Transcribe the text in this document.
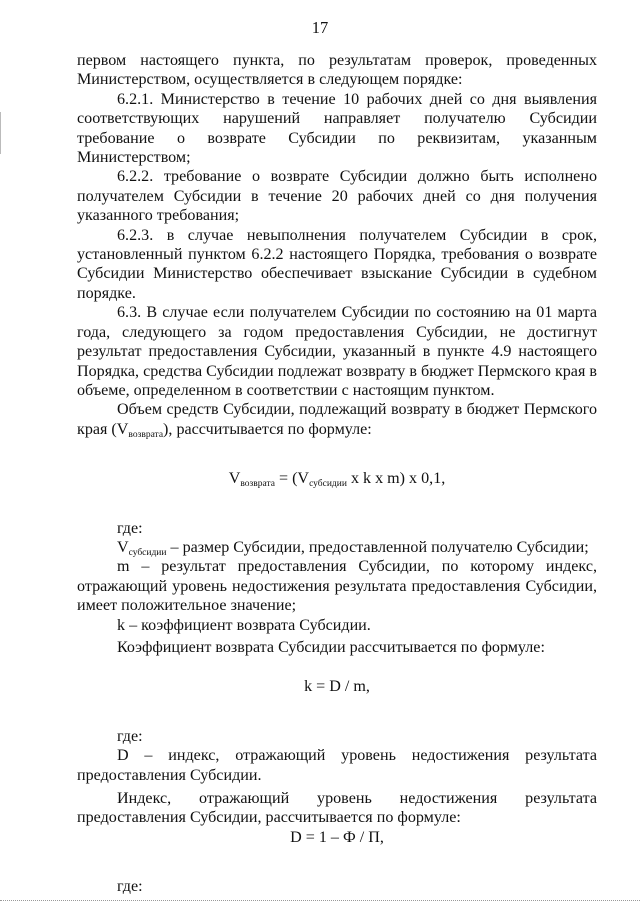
17

первом настоящего пункта, по результатам проверок, проведенных Министерством, осуществляется в следующем порядке:

6.2.1. Министерство в течение 10 рабочих дней со дня выявления соответствующих нарушений направляет получателю Субсидии требование о возврате Субсидии по реквизитам, указанным Министерством;

6.2.2. требование о возврате Субсидии должно быть исполнено получателем Субсидии в течение 20 рабочих дней со дня получения указанного требования;

6.2.3. в случае невыполнения получателем Субсидии в срок, установленный пунктом 6.2.2 настоящего Порядка, требования о возврате Субсидии Министерство обеспечивает взыскание Субсидии в судебном порядке.

6.3. В случае если получателем Субсидии по состоянию на 01 марта года, следующего за годом предоставления Субсидии, не достигнут результат предоставления Субсидии, указанный в пункте 4.9 настоящего Порядка, средства Субсидии подлежат возврату в бюджет Пермского края в объеме, определенном в соответствии с настоящим пунктом.

Объем средств Субсидии, подлежащий возврату в бюджет Пермского края $(V_{возврата})$, рассчитывается по формуле:

$V_{возврата} = (V_{субсидии}$ x k x m) x 0,1,

где:

$V_{субсидии}$ – размер Субсидии, предоставленной получателю Субсидии;

m – результат предоставления Субсидии, по которому индекс, отражающий уровень недостижения результата предоставления Субсидии, имеет положительное значение;

k – коэффициент возврата Субсидии.

Коэффициент возврата Субсидии рассчитывается по формуле:

k = D / m,

где:

D – индекс, отражающий уровень недостижения результата предоставления Субсидии.

Индекс, отражающий уровень недостижения результата предоставления Субсидии, рассчитывается по формуле:

D = 1 – Ф / П,

где:
